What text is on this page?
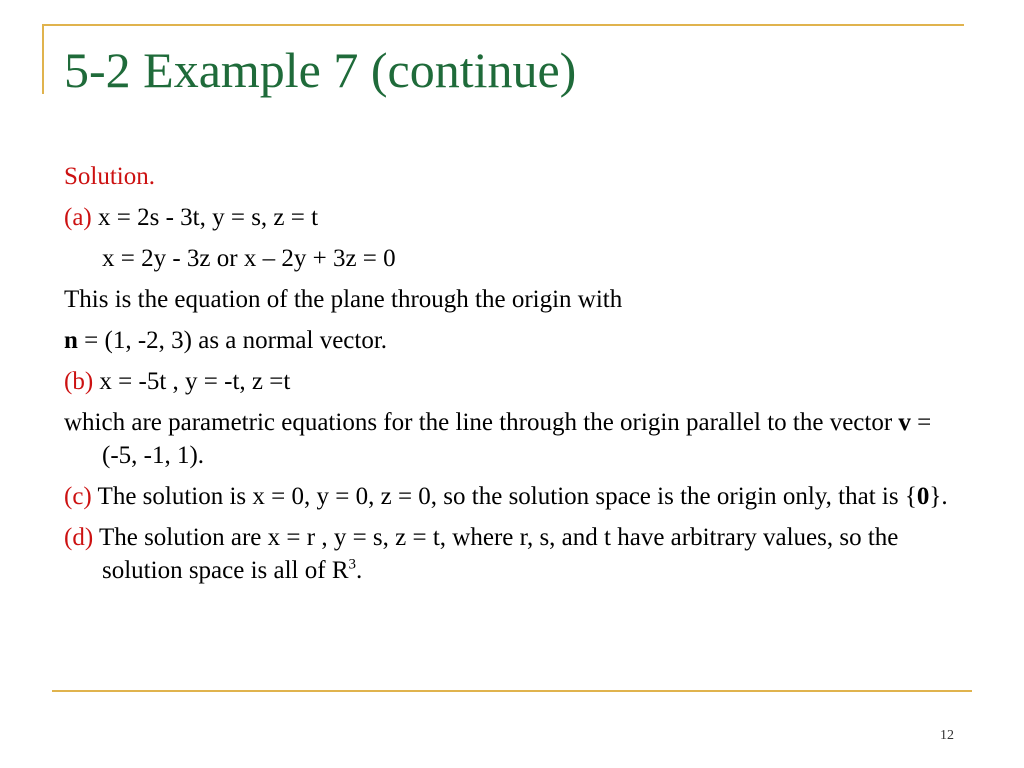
5-2 Example 7 (continue)
Solution.
(a) x = 2s - 3t, y = s, z = t
x = 2y - 3z or x – 2y + 3z = 0
This is the equation of the plane through the origin with
n = (1, -2, 3) as a normal vector.
(b) x = -5t , y = -t, z =t
which are parametric equations for the line through the origin parallel to the vector v = (-5, -1, 1).
(c) The solution is x = 0, y = 0, z = 0, so the solution space is the origin only, that is {0}.
(d) The solution are x = r , y = s, z = t, where r, s, and t have arbitrary values, so the solution space is all of $R^3$.
12
